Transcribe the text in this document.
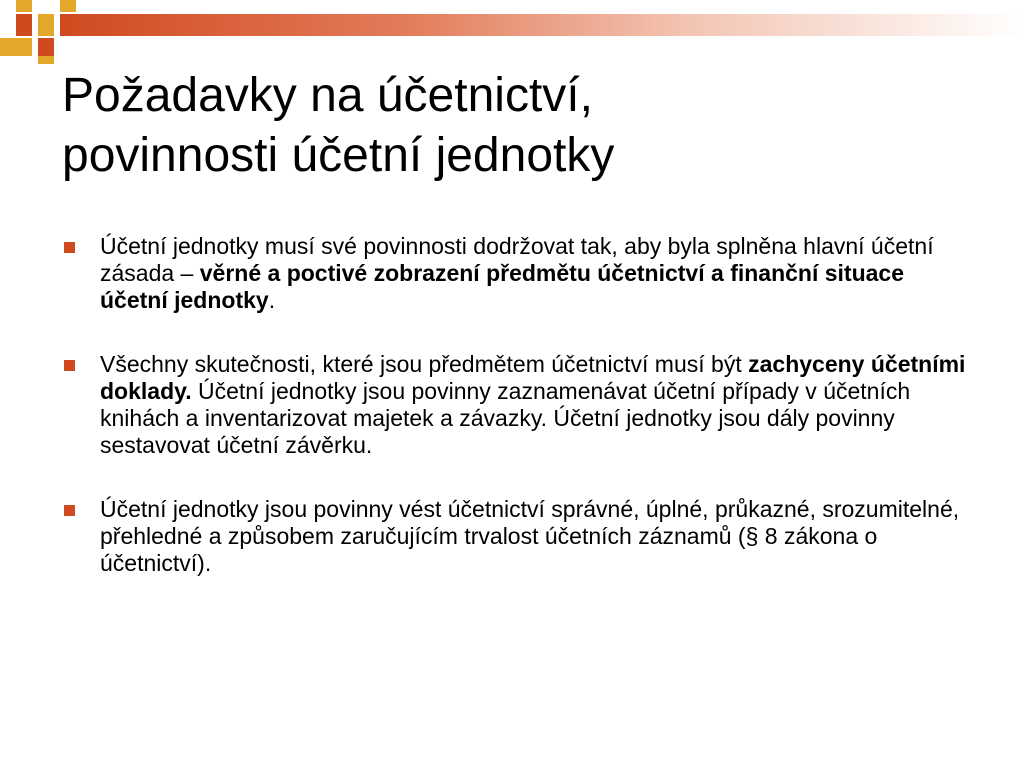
Požadavky na účetnictví,
povinnosti účetní jednotky
Účetní jednotky musí své povinnosti dodržovat tak, aby byla splněna hlavní účetní zásada – věrné a poctivé zobrazení předmětu účetnictví a finanční situace účetní jednotky.
Všechny skutečnosti, které jsou předmětem účetnictví musí být zachyceny účetními doklady. Účetní jednotky jsou povinny zaznamenávat účetní případy v účetních knihách a inventarizovat majetek a závazky. Účetní jednotky jsou dály povinny sestavovat účetní závěrku.
Účetní jednotky jsou povinny vést účetnictví správné, úplné, průkazné, srozumitelné, přehledné a způsobem zaručujícím trvalost účetních záznamů (§ 8 zákona o účetnictví).
